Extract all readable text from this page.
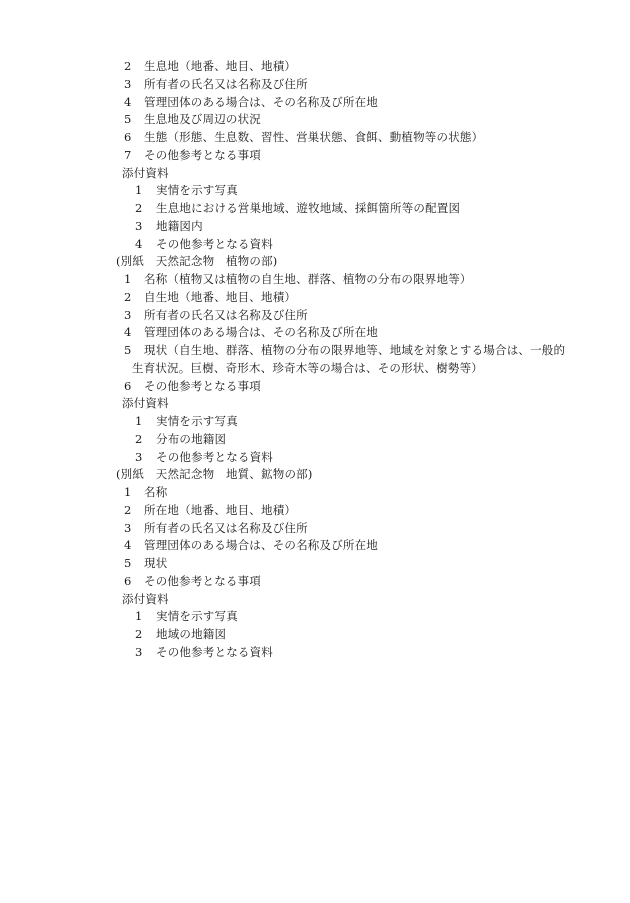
2 生息地（地番、地目、地積）
3 所有者の氏名又は名称及び住所
4 管理団体のある場合は、その名称及び所在地
5 生息地及び周辺の状況
6 生態（形態、生息数、習性、営巣状態、食餌、動植物等の状態）
7 その他参考となる事項
添付資料
1 実情を示す写真
2 生息地における営巣地域、遊牧地域、採餌箇所等の配置図
3 地籍図内
4 その他参考となる資料
(別紙　天然記念物　植物の部)
1 名称（植物又は植物の自生地、群落、植物の分布の限界地等）
2 自生地（地番、地目、地積）
3 所有者の氏名又は名称及び住所
4 管理団体のある場合は、その名称及び所在地
5 現状（自生地、群落、植物の分布の限界地等、地域を対象とする場合は、一般的
生育状況。巨樹、奇形木、珍奇木等の場合は、その形状、樹勢等）
6 その他参考となる事項
添付資料
1 実情を示す写真
2 分布の地籍図
3 その他参考となる資料
(別紙　天然記念物　地質、鉱物の部)
1 名称
2 所在地（地番、地目、地積）
3 所有者の氏名又は名称及び住所
4 管理団体のある場合は、その名称及び所在地
5 現状
6 その他参考となる事項
添付資料
1 実情を示す写真
2 地域の地籍図
3 その他参考となる資料
